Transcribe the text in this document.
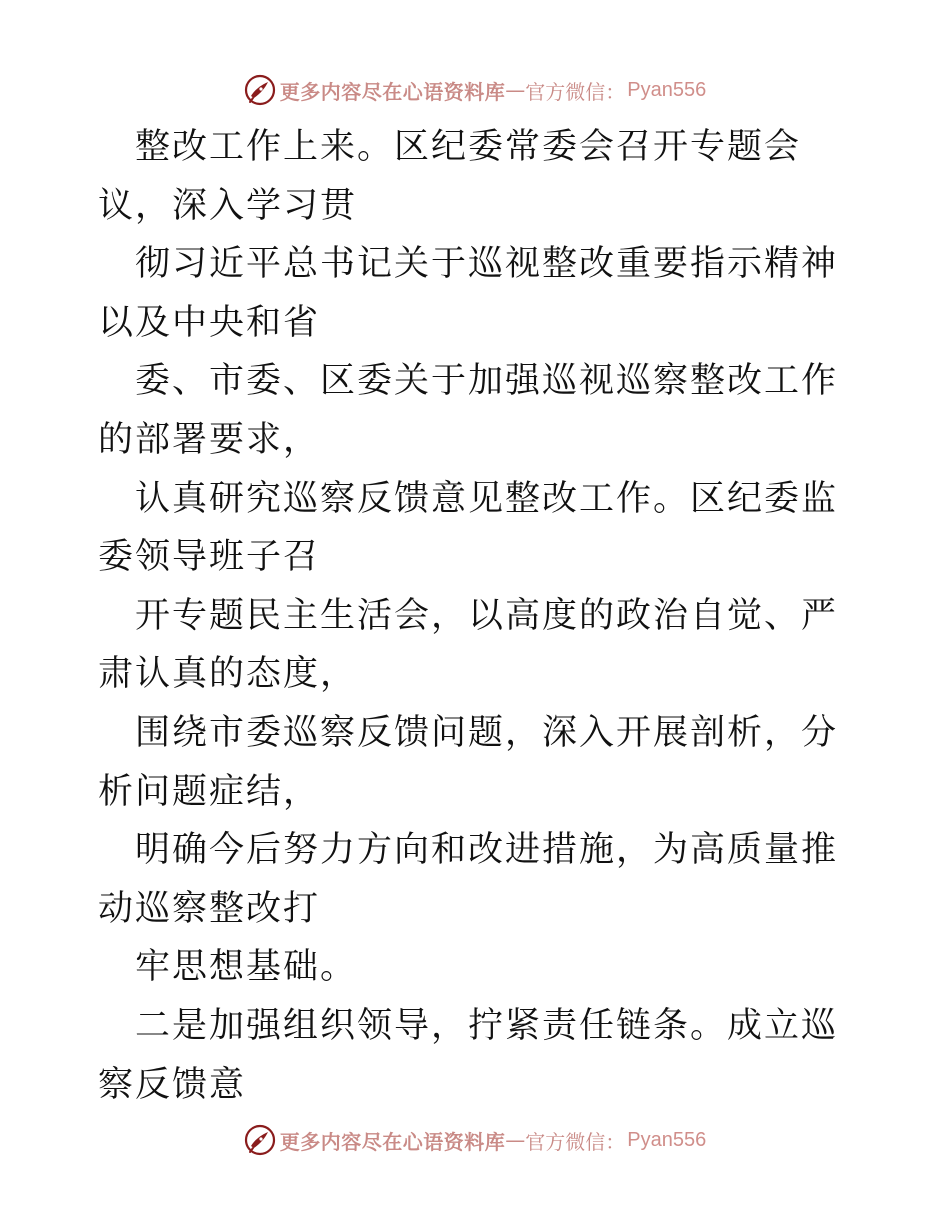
更多内容尽在心语资料库 — 官方微信： Pyan556

整改工作上来。区纪委常委会召开专题会议，深入学习贯

彻习近平总书记关于巡视整改重要指示精神以及中央和省

委、市委、区委关于加强巡视巡察整改工作的部署要求，

认真研究巡察反馈意见整改工作。区纪委监委领导班子召

开专题民主生活会，以高度的政治自觉、严肃认真的态度，

围绕市委巡察反馈问题，深入开展剖析，分析问题症结，

明确今后努力方向和改进措施，为高质量推动巡察整改打

牢思想基础。

二是加强组织领导，拧紧责任链条。成立巡察反馈意

更多内容尽在心语资料库 — 官方微信： Pyan556
